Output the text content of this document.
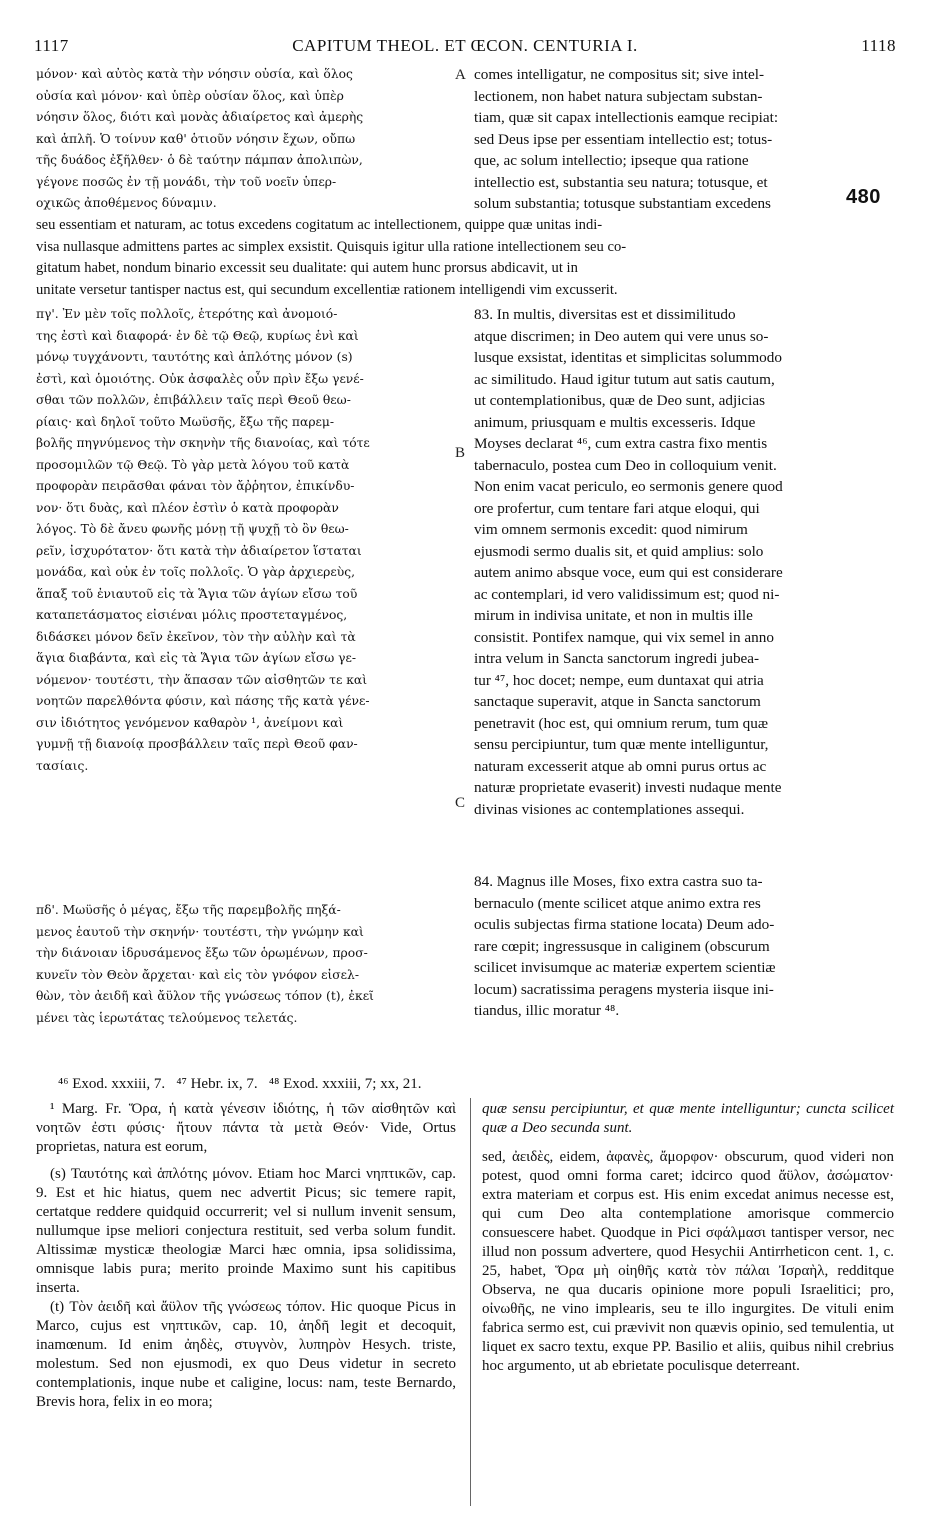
1117	CAPITUM THEOL. ET ŒCON. CENTURIA I.	1118
A
B
C
480
μόνον· καὶ αὐτὸς κατὰ τὴν νόησιν οὐσία, καὶ ὅλος
οὐσία καὶ μόνον· καὶ ὑπὲρ οὐσίαν ὅλος, καὶ ὑπὲρ
νόησιν ὅλος, διότι καὶ μονὰς ἀδιαίρετος καὶ ἀμερὴς
καὶ ἁπλῆ. Ὁ τοίνυν καθ' ὁτιοῦν νόησιν ἔχων, οὔπω
τῆς δυάδος ἐξῆλθεν· ὁ δὲ ταύτην πάμπαν ἀπολιπὼν,
γέγονε ποσῶς ἐν τῇ μονάδι, τὴν τοῦ νοεῖν ὑπερ-
οχικῶς ἀποθέμενος δύναμιν.
comes intelligatur, ne compositus sit; sive intel-
lectionem, non habet natura subjectam substan-
tiam, quæ sit capax intellectionis eamque recipiat:
sed Deus ipse per essentiam intellectio est; totus-
que, ac solum intellectio; ipseque qua ratione
intellectio est, substantia seu natura; totusque, et
solum substantia; totusque substantiam excedens
seu essentiam et naturam, ac totus excedens cogitatum ac intellectionem, quippe quæ unitas indi-
visa nullasque admittens partes ac simplex exsistit. Quisquis igitur ulla ratione intellectionem seu co-
gitatum habet, nondum binario excessit seu dualitate: qui autem hunc prorsus abdicavit, ut in
unitate versetur tantisper nactus est, qui secundum excellentiæ rationem intelligendi vim excusserit.
πγ'. Ἐν μὲν τοῖς πολλοῖς, ἑτερότης καὶ ἀνομοιό-
της ἐστὶ καὶ διαφορά· ἐν δὲ τῷ Θεῷ, κυρίως ἑνὶ καὶ
μόνῳ τυγχάνοντι, ταυτότης καὶ ἁπλότης μόνον (s)
ἐστὶ, καὶ ὁμοιότης. Οὐκ ἀσφαλὲς οὖν πρὶν ἔξω γενέ-
σθαι τῶν πολλῶν, ἐπιβάλλειν ταῖς περὶ Θεοῦ θεω-
ρίαις· καὶ δηλοῖ τοῦτο Μωϋσῆς, ἔξω τῆς παρεμ-
βολῆς πηγνύμενος τὴν σκηνὴν τῆς διανοίας, καὶ τότε
προσομιλῶν τῷ Θεῷ. Τὸ γὰρ μετὰ λόγου τοῦ κατὰ
προφορὰν πειρᾶσθαι φάναι τὸν ἄῤῥητον, ἐπικίνδυ-
νον· ὅτι δυὰς, καὶ πλέον ἐστὶν ὁ κατὰ προφορὰν
λόγος. Τὸ δὲ ἄνευ φωνῆς μόνῃ τῇ ψυχῇ τὸ ὂν θεω-
ρεῖν, ἰσχυρότατον· ὅτι κατὰ τὴν ἀδιαίρετον ἵσταται
μονάδα, καὶ οὐκ ἐν τοῖς πολλοῖς. Ὁ γὰρ ἀρχιερεὺς,
ἅπαξ τοῦ ἐνιαυτοῦ εἰς τὰ Ἅγια τῶν ἁγίων εἴσω τοῦ
καταπετάσματος εἰσιέναι μόλις προστεταγμένος,
διδάσκει μόνον δεῖν ἐκεῖνον, τὸν τὴν αὐλὴν καὶ τὰ
ἅγια διαβάντα, καὶ εἰς τὰ Ἅγια τῶν ἁγίων εἴσω γε-
νόμενον· τουτέστι, τὴν ἅπασαν τῶν αἰσθητῶν τε καὶ
νοητῶν παρελθόντα φύσιν, καὶ πάσης τῆς κατὰ γένε-
σιν ἰδιότητος γενόμενον καθαρὸν ¹, ἀνείμονι καὶ
γυμνῇ τῇ διανοίᾳ προσβάλλειν ταῖς περὶ Θεοῦ φαν-
τασίαις.
83. In multis, diversitas est et dissimilitudo
atque discrimen; in Deo autem qui vere unus so-
lusque exsistat, identitas et simplicitas solummodo
ac similitudo. Haud igitur tutum aut satis cautum,
ut contemplationibus, quæ de Deo sunt, adjicias
animum, priusquam e multis excesseris. Idque
Moyses declarat ⁴⁶, cum extra castra fixo mentis
tabernaculo, postea cum Deo in colloquium venit.
Non enim vacat periculo, eo sermonis genere quod
ore profertur, cum tentare fari atque eloqui, qui
vim omnem sermonis excedit: quod nimirum
ejusmodi sermo dualis sit, et quid amplius: solo
autem animo absque voce, eum qui est considerare
ac contemplari, id vero validissimum est; quod ni-
mirum in indivisa unitate, et non in multis ille
consistit. Pontifex namque, qui vix semel in anno
intra velum in Sancta sanctorum ingredi jubea-
tur ⁴⁷, hoc docet; nempe, eum duntaxat qui atria
sanctaque superavit, atque in Sancta sanctorum
penetravit (hoc est, qui omnium rerum, tum quæ
sensu percipiuntur, tum quæ mente intelliguntur,
naturam excesserit atque ab omni purus ortus ac
naturæ proprietate evaserit) investi nudaque mente
divinas visiones ac contemplationes assequi.
πδ'. Μωϋσῆς ὁ μέγας, ἔξω τῆς παρεμβολῆς πηξά-
μενος ἑαυτοῦ τὴν σκηνήν· τουτέστι, τὴν γνώμην καὶ
τὴν διάνοιαν ἱδρυσάμενος ἔξω τῶν ὁρωμένων, προσ-
κυνεῖν τὸν Θεὸν ἄρχεται· καὶ εἰς τὸν γνόφον εἰσελ-
θὼν, τὸν ἀειδῆ καὶ ἄϋλον τῆς γνώσεως τόπον (t), ἐκεῖ
μένει τὰς ἱερωτάτας τελούμενος τελετάς.
84. Magnus ille Moses, fixo extra castra suo ta-
bernaculo (mente scilicet atque animo extra res
oculis subjectas firma statione locata) Deum ado-
rare cœpit; ingressusque in caliginem (obscurum
scilicet invisumque ac materiæ expertem scientiæ
locum) sacratissima peragens mysteria iisque ini-
tiandus, illic moratur ⁴⁸.
⁴⁶ Exod. xxxiii, 7.   ⁴⁷ Hebr. ix, 7.   ⁴⁸ Exod. xxxiii, 7; xx, 21.

¹ Marg. Fr. Ὅρα, ἡ κατὰ γένεσιν ἰδιότης, ἡ τῶν αἰσθητῶν καὶ νοητῶν ἐστι φύσις· ἤτουν πάντα τὰ μετὰ Θεόν· Vide, Ortus proprietas, natura est eorum,

(s) Ταυτότης καὶ ἁπλότης μόνον. Etiam hoc Marci νηπτικῶν, cap. 9. Est et hic hiatus, quem nec advertit Picus; sic temere rapit, certatque reddere quidquid occurrerit; vel si nullum invenit sensum, nullumque ipse meliori conjectura restituit, sed verba solum fundit. Altissimæ mysticæ theologiæ Marci hæc omnia, ipsa solidissima, omnisque labis pura; merito proinde Maximo sunt his capitibus inserta.

(t) Τὸν ἀειδῆ καὶ ἄϋλον τῆς γνώσεως τόπον. Hic quoque Picus in Marco, cujus est νηπτικῶν, cap. 10, ἀηδῆ legit et decoquit, inamœnum. Id enim ἀηδὲς, στυγνὸν, λυπηρὸν Hesych. triste, molestum. Sed non ejusmodi, ex quo Deus videtur in secreto contemplationis, inque nube et caligine, locus: nam, teste Bernardo, Brevis hora, felix in eo mora;

quæ sensu percipiuntur, et quæ mente intelliguntur; cuncta scilicet quæ a Deo secunda sunt.

sed, ἀειδὲς, eidem, ἀφανὲς, ἄμορφον· obscurum, quod videri non potest, quod omni forma caret; idcirco quod ἄϋλον, ἀσώματον· extra materiam et corpus est. His enim excedat animus necesse est, qui cum Deo alta contemplatione amorisque commercio consuescere habet. Quodque in Pici σφάλμασι tantisper versor, nec illud non possum advertere, quod Hesychii Antirrheticon cent. 1, c. 25, habet, Ὅρα μὴ οἰηθῆς κατὰ τὸν πάλαι Ἰσραὴλ, redditque Observa, ne qua ducaris opinione more populi Israelitici; pro, οἰνωθῆς, ne vino implearis, seu te illo ingurgites. De vituli enim fabrica sermo est, cui prævivit non quævis opinio, sed temulentia, ut liquet ex sacro textu, exque PP. Basilio et aliis, quibus nihil crebrius hoc argumento, ut ab ebrietate poculisque deterreant.
